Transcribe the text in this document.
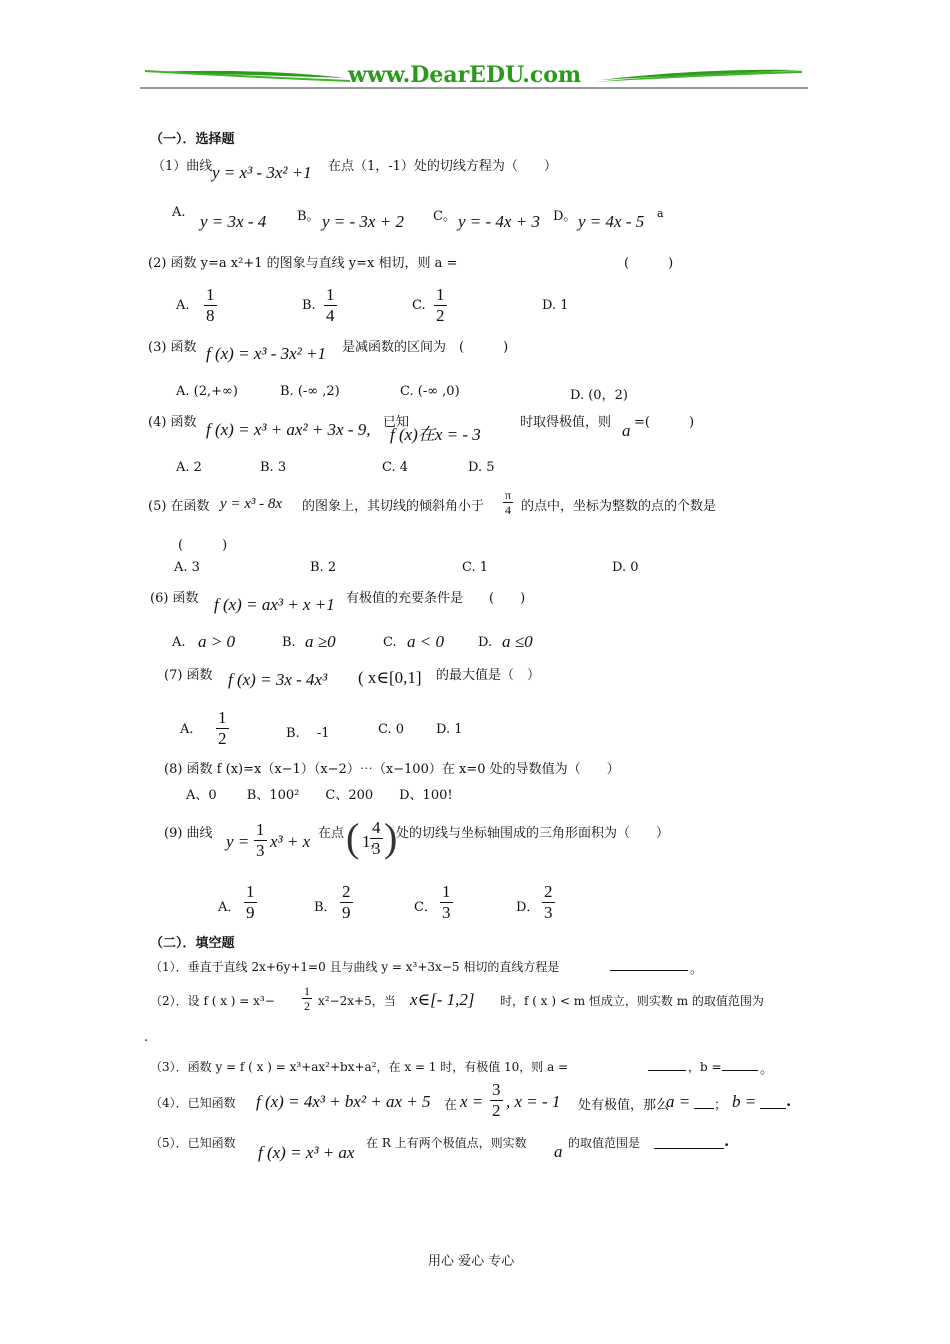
www.DearEDU.com
（一）．选择题
（1）曲线 y = x³ - 3x² +1 在点（1，-1）处的切线方程为（　　）
A. y = 3x - 4 B。 y = - 3x + 2 C。 y = - 4x + 3 D。 y = 4x - 5 a
(2) 函数 y=a x²+1 的图象与直线 y=x 相切，则 a =	(　　　)
A. $\frac{1}{8}$	B. $\frac{1}{4}$	C. $\frac{1}{2}$	D. 1
(3) 函数 f (x) = x³ - 3x² +1 是减函数的区间为　(　　　)
A. (2,+∞)	B. (-∞ ,2)	C. (-∞ ,0)	D. (0，2)
(4) 函数 f (x) = x³ + ax² + 3x - 9, 已知
f (x)在x = - 3
时取得极值，则 a =(　　　)
A. 2	B. 3	C. 4	D. 5
(5) 在函数 y = x³ - 8x 的图象上，其切线的倾斜角小于 $\frac{\pi}{4}$ 的点中，坐标为整数的点的个数是
(　　　)
A. 3	B. 2	C. 1	D. 0
(6) 函数 f (x) = ax³ + x +1 有极值的充要条件是　　(　　)
A. a > 0	B. a ≥0	C. a < 0	D. a ≤0
(7) 函数 f (x) = 3x - 4x³ ( x∈[0,1] 的最大值是（　）
A. $\frac{1}{2}$	B.　 -1	C. 0 D. 1
(8) 函数 f (x)=x（x−1）（x−2）⋯（x−100）在 x=0 处的导数值为（　　）
A、0　　 B、100²　　C、200　　D、100!
(9) 曲线 $y = \frac{1}{3} x^3 + x$ 在点 ( 1,
$\frac{4}{3}$ )
处的切线与坐标轴围成的三角形面积为（　　）
A． $\frac{1}{9}$	B． $\frac{2}{9}$	C． $\frac{1}{3}$	D． $\frac{2}{3}$
（二）．填空题
（1）．垂直于直线 2x+6y+1=0 且与曲线 y = x³+3x−5 相切的直线方程是	。
（2）．设 f ( x ) = $x^3- \frac{1}{2} x^2-2x+5$，当 x∈[- 1,2] 时，f ( x ) < m 恒成立，则实数 m 的取值范围为
.
（3）．函数 y = f ( x ) = x³+ax²+bx+a²，在 x = 1 时，有极值 10，则 a =	，b =	。
（4）．已知函数 f (x) = 4x³ + bx² + ax + 5 在 $x = \frac{3}{2}$ , x = - 1 处有极值，那么
a = ； b = .
（5）．已知函数 f (x) = x³ + ax 在 R 上有两个极值点，则实数 a 的取值范围是	.
用心 爱心 专心
